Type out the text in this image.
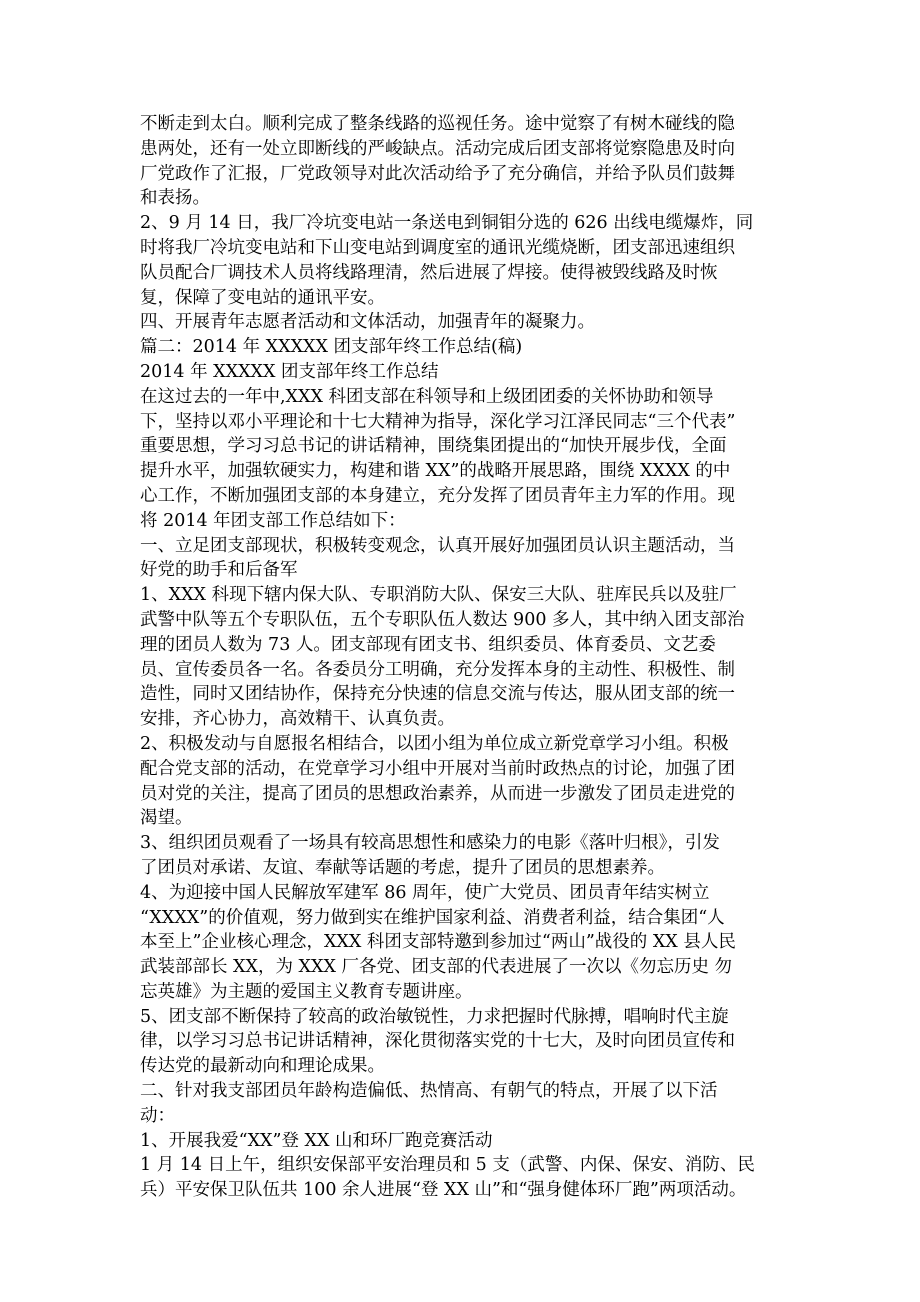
不断走到太白。顺利完成了整条线路的巡视任务。途中觉察了有树木碰线的隐
患两处，还有一处立即断线的严峻缺点。活动完成后团支部将觉察隐患及时向
厂党政作了汇报，厂党政领导对此次活动给予了充分确信，并给予队员们鼓舞
和表扬。
2、9 月 14 日，我厂冷坑变电站一条送电到铜钼分选的 626 出线电缆爆炸，同
时将我厂冷坑变电站和下山变电站到调度室的通讯光缆烧断，团支部迅速组织
队员配合厂调技术人员将线路理清，然后进展了焊接。使得被毁线路及时恢
复，保障了变电站的通讯平安。
四、开展青年志愿者活动和文体活动，加强青年的凝聚力。
篇二：2014 年 XXXXX 团支部年终工作总结(稿)
2014 年 XXXXX 团支部年终工作总结
在这过去的一年中,XXX 科团支部在科领导和上级团团委的关怀协助和领导
下，坚持以邓小平理论和十七大精神为指导，深化学习江泽民同志“三个代表”
重要思想，学习习总书记的讲话精神，围绕集团提出的“加快开展步伐，全面
提升水平，加强软硬实力，构建和谐 XX”的战略开展思路，围绕 XXXX 的中
心工作，不断加强团支部的本身建立，充分发挥了团员青年主力军的作用。现
将 2014 年团支部工作总结如下：
一、立足团支部现状，积极转变观念，认真开展好加强团员认识主题活动，当
好党的助手和后备军
1、XXX 科现下辖内保大队、专职消防大队、保安三大队、驻库民兵以及驻厂
武警中队等五个专职队伍，五个专职队伍人数达 900 多人，其中纳入团支部治
理的团员人数为 73 人。团支部现有团支书、组织委员、体育委员、文艺委
员、宣传委员各一名。各委员分工明确，充分发挥本身的主动性、积极性、制
造性，同时又团结协作，保持充分快速的信息交流与传达，服从团支部的统一
安排，齐心协力，高效精干、认真负责。
2、积极发动与自愿报名相结合，以团小组为单位成立新党章学习小组。积极
配合党支部的活动，在党章学习小组中开展对当前时政热点的讨论，加强了团
员对党的关注，提高了团员的思想政治素养，从而进一步激发了团员走进党的
渴望。
3、组织团员观看了一场具有较高思想性和感染力的电影《落叶归根》，引发
了团员对承诺、友谊、奉献等话题的考虑，提升了团员的思想素养。
4、为迎接中国人民解放军建军 86 周年，使广大党员、团员青年结实树立
“XXXX”的价值观，努力做到实在维护国家利益、消费者利益，结合集团“人
本至上”企业核心理念，XXX 科团支部特邀到参加过“两山”战役的 XX 县人民
武装部部长 XX，为 XXX 厂各党、团支部的代表进展了一次以《勿忘历史 勿
忘英雄》为主题的爱国主义教育专题讲座。
5、团支部不断保持了较高的政治敏锐性，力求把握时代脉搏，唱响时代主旋
律，以学习习总书记讲话精神，深化贯彻落实党的十七大，及时向团员宣传和
传达党的最新动向和理论成果。
二、针对我支部团员年龄构造偏低、热情高、有朝气的特点，开展了以下活
动：
1、开展我爱“XX”登 XX 山和环厂跑竞赛活动
1 月 14 日上午，组织安保部平安治理员和 5 支（武警、内保、保安、消防、民
兵）平安保卫队伍共 100 余人进展“登 XX 山”和“强身健体环厂跑”两项活动。
